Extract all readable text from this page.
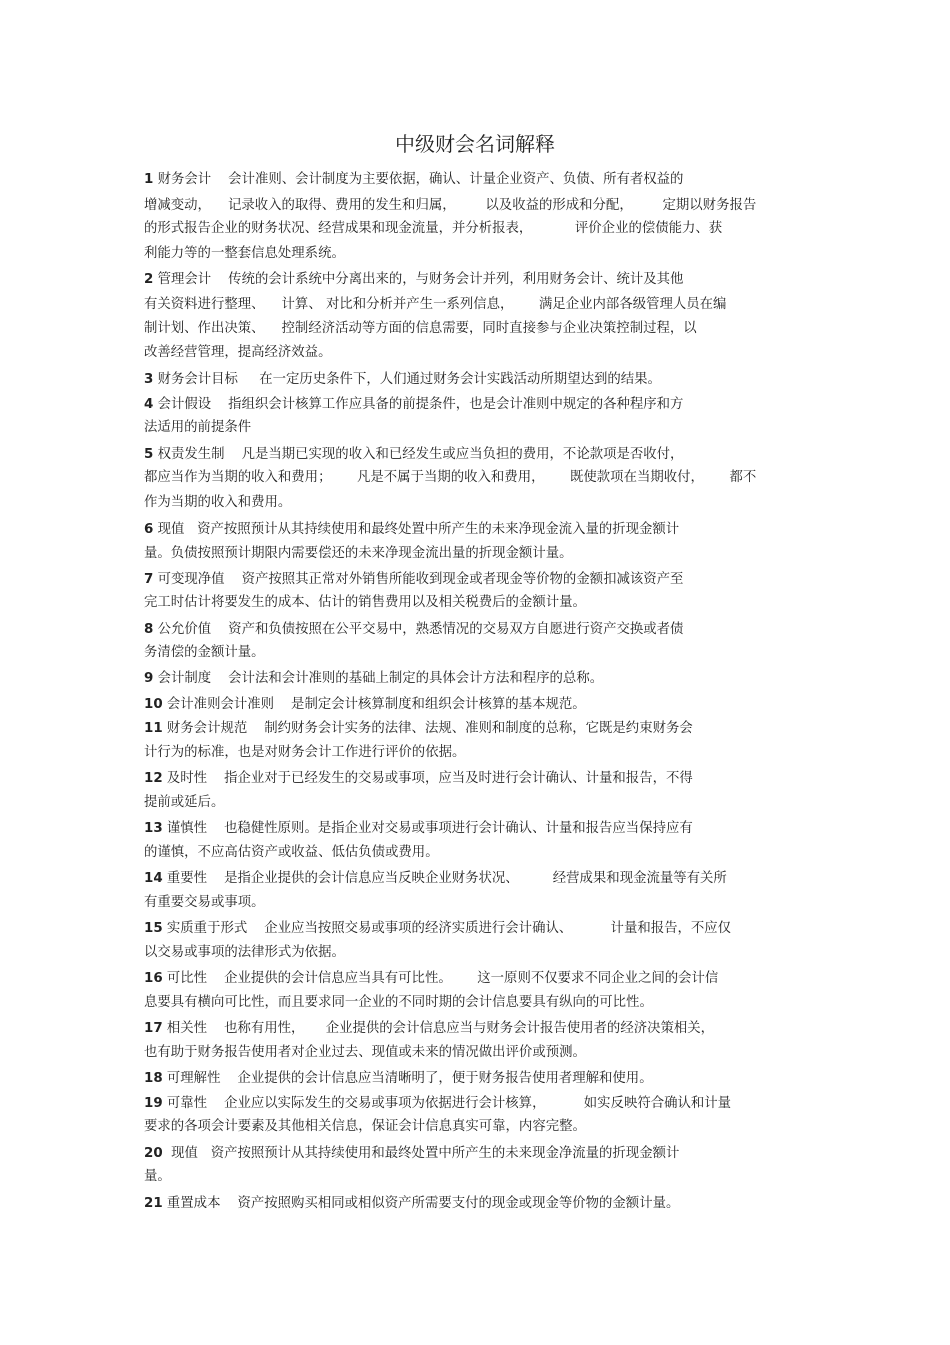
中级财会名词解释
1 财务会计    会计准则、会计制度为主要依据，确认、计量企业资产、负债、所有者权益的
增减变动，    记录收入的取得、费用的发生和归属，       以及收益的形成和分配，       定期以财务报告
的形式报告企业的财务状况、经营成果和现金流量，并分析报表，          评价企业的偿债能力、获
利能力等的一整套信息处理系统。
2 管理会计    传统的会计系统中分离出来的，与财务会计并列，利用财务会计、统计及其他
有关资料进行整理、    计算、 对比和分析并产生一系列信息，      满足企业内部各级管理人员在编
制计划、作出决策、    控制经济活动等方面的信息需要，同时直接参与企业决策控制过程，以
改善经营管理，提高经济效益。
3 财务会计目标     在一定历史条件下，人们通过财务会计实践活动所期望达到的结果。
4 会计假设    指组织会计核算工作应具备的前提条件，也是会计准则中规定的各种程序和方
法适用的前提条件
5 权责发生制    凡是当期已实现的收入和已经发生或应当负担的费用，不论款项是否收付，
都应当作为当期的收入和费用；      凡是不属于当期的收入和费用，      既使款项在当期收付，      都不
作为当期的收入和费用。
6 现值   资产按照预计从其持续使用和最终处置中所产生的未来净现金流入量的折现金额计
量。负债按照预计期限内需要偿还的未来净现金流出量的折现金额计量。
7 可变现净值    资产按照其正常对外销售所能收到现金或者现金等价物的金额扣减该资产至
完工时估计将要发生的成本、估计的销售费用以及相关税费后的金额计量。
8 公允价值    资产和负债按照在公平交易中，熟悉情况的交易双方自愿进行资产交换或者债
务清偿的金额计量。
9 会计制度    会计法和会计准则的基础上制定的具体会计方法和程序的总称。
10 会计准则会计准则    是制定会计核算制度和组织会计核算的基本规范。
11 财务会计规范    制约财务会计实务的法律、法规、准则和制度的总称，它既是约束财务会
计行为的标准，也是对财务会计工作进行评价的依据。
12 及时性    指企业对于已经发生的交易或事项，应当及时进行会计确认、计量和报告，不得
提前或延后。
13 谨慎性    也稳健性原则。是指企业对交易或事项进行会计确认、计量和报告应当保持应有
的谨慎，不应高估资产或收益、低估负债或费用。
14 重要性    是指企业提供的会计信息应当反映企业财务状况、        经营成果和现金流量等有关所
有重要交易或事项。
15 实质重于形式    企业应当按照交易或事项的经济实质进行会计确认、         计量和报告，不应仅
以交易或事项的法律形式为依据。
16 可比性    企业提供的会计信息应当具有可比性。      这一原则不仅要求不同企业之间的会计信
息要具有横向可比性，而且要求同一企业的不同时期的会计信息要具有纵向的可比性。
17 相关性    也称有用性，     企业提供的会计信息应当与财务会计报告使用者的经济决策相关，
也有助于财务报告使用者对企业过去、现值或未来的情况做出评价或预测。
18 可理解性    企业提供的会计信息应当清晰明了，便于财务报告使用者理解和使用。
19 可靠性    企业应以实际发生的交易或事项为依据进行会计核算，         如实反映符合确认和计量
要求的各项会计要素及其他相关信息，保证会计信息真实可靠，内容完整。
20  现值   资产按照预计从其持续使用和最终处置中所产生的未来现金净流量的折现金额计
量。
21 重置成本    资产按照购买相同或相似资产所需要支付的现金或现金等价物的金额计量。
